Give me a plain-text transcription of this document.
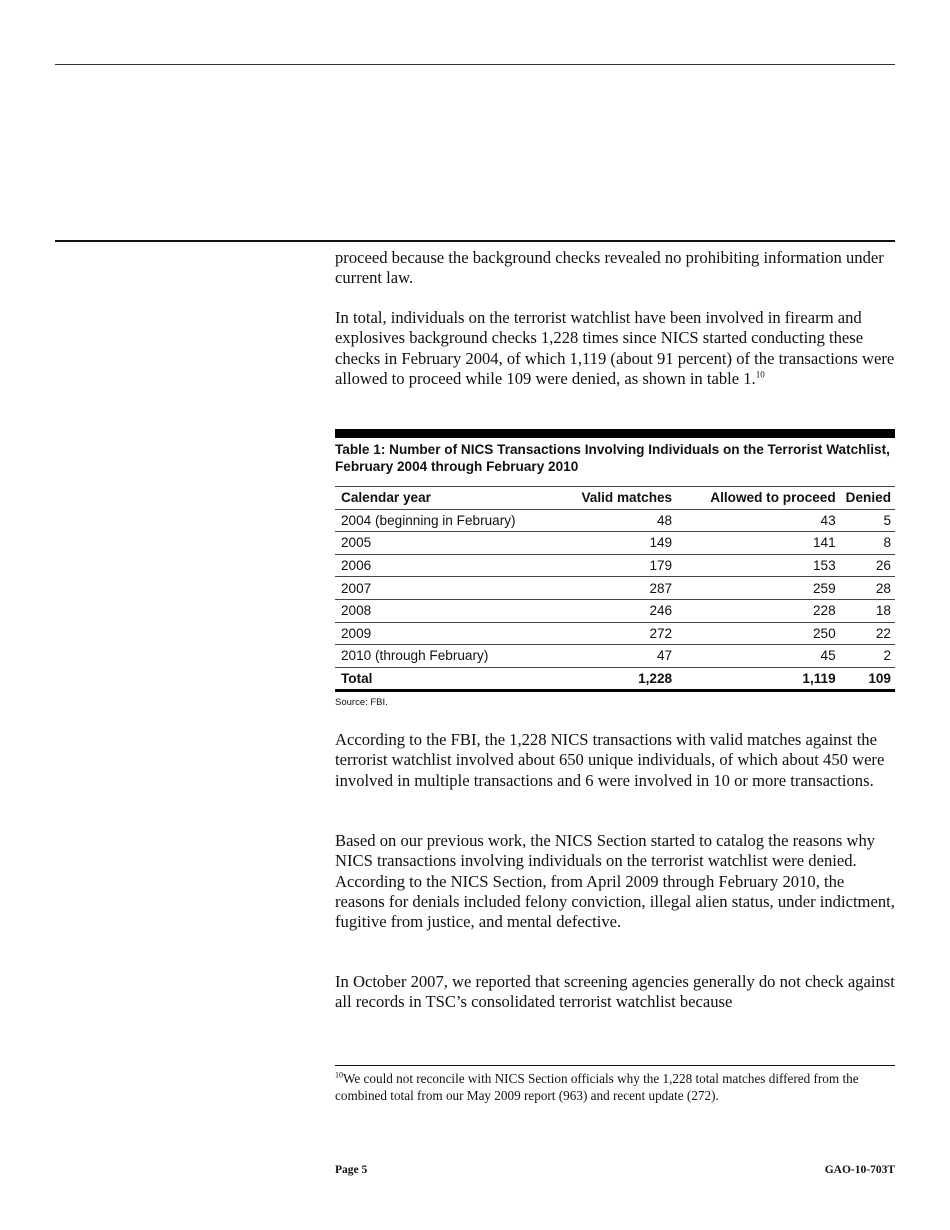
proceed because the background checks revealed no prohibiting information under current law.

In total, individuals on the terrorist watchlist have been involved in firearm and explosives background checks 1,228 times since NICS started conducting these checks in February 2004, of which 1,119 (about 91 percent) of the transactions were allowed to proceed while 109 were denied, as shown in table 1.10

Table 1: Number of NICS Transactions Involving Individuals on the Terrorist Watchlist, February 2004 through February 2010
Calendar year	Valid matches	Allowed to proceed	Denied
2004 (beginning in February)	48	43	5
2005	149	141	8
2006	179	153	26
2007	287	259	28
2008	246	228	18
2009	272	250	22
2010 (through February)	47	45	2
Total	1,228	1,119	109
Source: FBI.

According to the FBI, the 1,228 NICS transactions with valid matches against the terrorist watchlist involved about 650 unique individuals, of which about 450 were involved in multiple transactions and 6 were involved in 10 or more transactions.

Based on our previous work, the NICS Section started to catalog the reasons why NICS transactions involving individuals on the terrorist watchlist were denied. According to the NICS Section, from April 2009 through February 2010, the reasons for denials included felony conviction, illegal alien status, under indictment, fugitive from justice, and mental defective.

In October 2007, we reported that screening agencies generally do not check against all records in TSC’s consolidated terrorist watchlist because

$^{10}$We could not reconcile with NICS Section officials why the 1,228 total matches differed from the combined total from our May 2009 report (963) and recent update (272).
Page 5	GAO-10-703T
